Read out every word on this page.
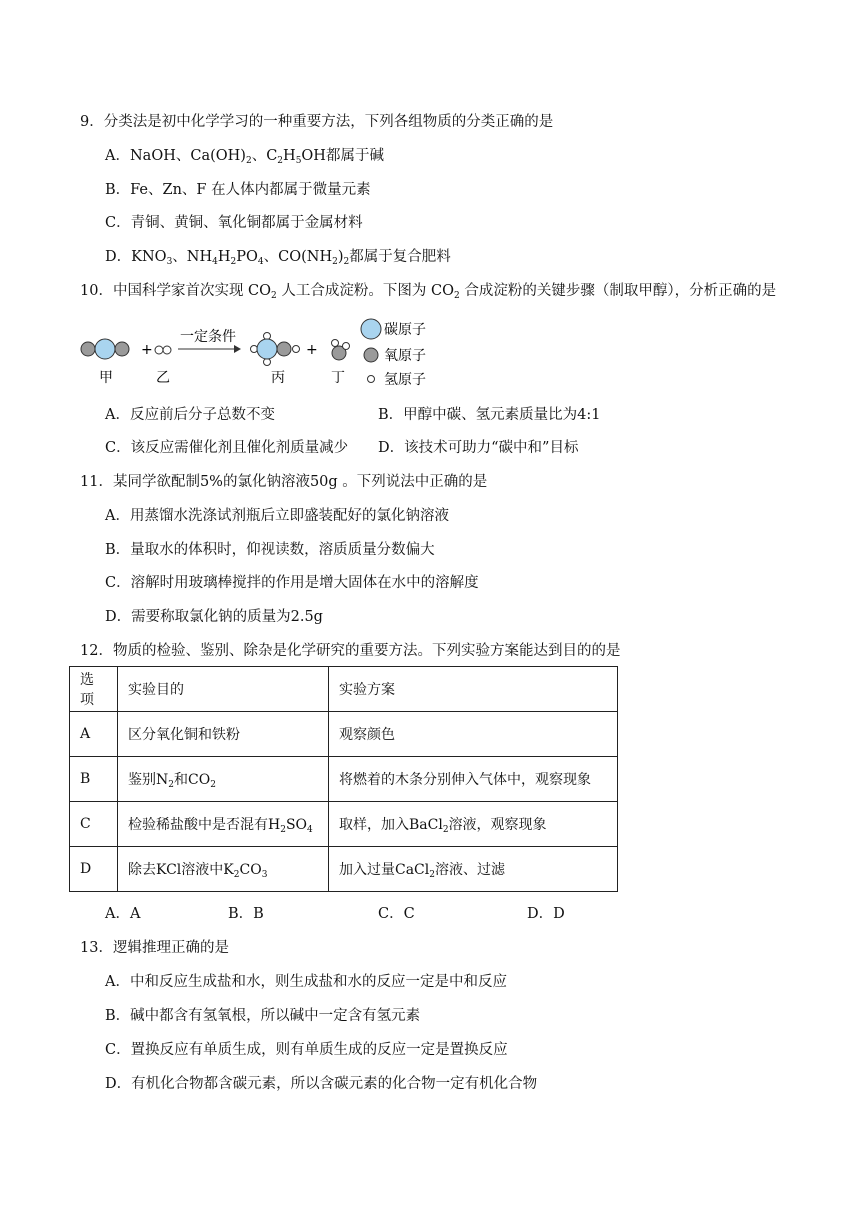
9．分类法是初中化学学习的一种重要方法，下列各组物质的分类正确的是
A．NaOH、$Ca(OH)_2$、$C_2H_5OH$都属于碱
B．Fe、Zn、F 在人体内都属于微量元素
C．青铜、黄铜、氧化铜都属于金属材料
D．$KNO_3$、$NH_4H_2PO_4$、$CO(NH_2)_2$都属于复合肥料
10．中国科学家首次实现 $CO_2$ 人工合成淀粉。下图为 $CO_2$ 合成淀粉的关键步骤（制取甲醇），分析正确的是
+
一定条件
+
甲	乙	丙	丁
碳原子
氧原子
氢原子
A．反应前后分子总数不变	B．甲醇中碳、氢元素质量比为4:1
C．该反应需催化剂且催化剂质量减少 D．该技术可助力“碳中和”目标
11．某同学欲配制5%的氯化钠溶液50g 。下列说法中正确的是
A．用蒸馏水洗涤试剂瓶后立即盛装配好的氯化钠溶液
B．量取水的体积时，仰视读数，溶质质量分数偏大
C．溶解时用玻璃棒搅拌的作用是增大固体在水中的溶解度
D．需要称取氯化钠的质量为2.5g
12．物质的检验、鉴别、除杂是化学研究的重要方法。下列实验方案能达到目的的是
选项	实验目的	实验方案
A	区分氧化铜和铁粉	观察颜色
B	鉴别$N_2$和$CO_2$	将燃着的木条分别伸入气体中，观察现象
C	检验稀盐酸中是否混有$H_2SO_4$	取样，加入BaCl$_2$溶液，观察现象
D	除去KCl溶液中$K_2CO_3$	加入过量CaCl$_2$溶液、过滤
A．A	B．B	C．C	D．D
13．逻辑推理正确的是
A．中和反应生成盐和水，则生成盐和水的反应一定是中和反应
B．碱中都含有氢氧根，所以碱中一定含有氢元素
C．置换反应有单质生成，则有单质生成的反应一定是置换反应
D．有机化合物都含碳元素，所以含碳元素的化合物一定有机化合物
